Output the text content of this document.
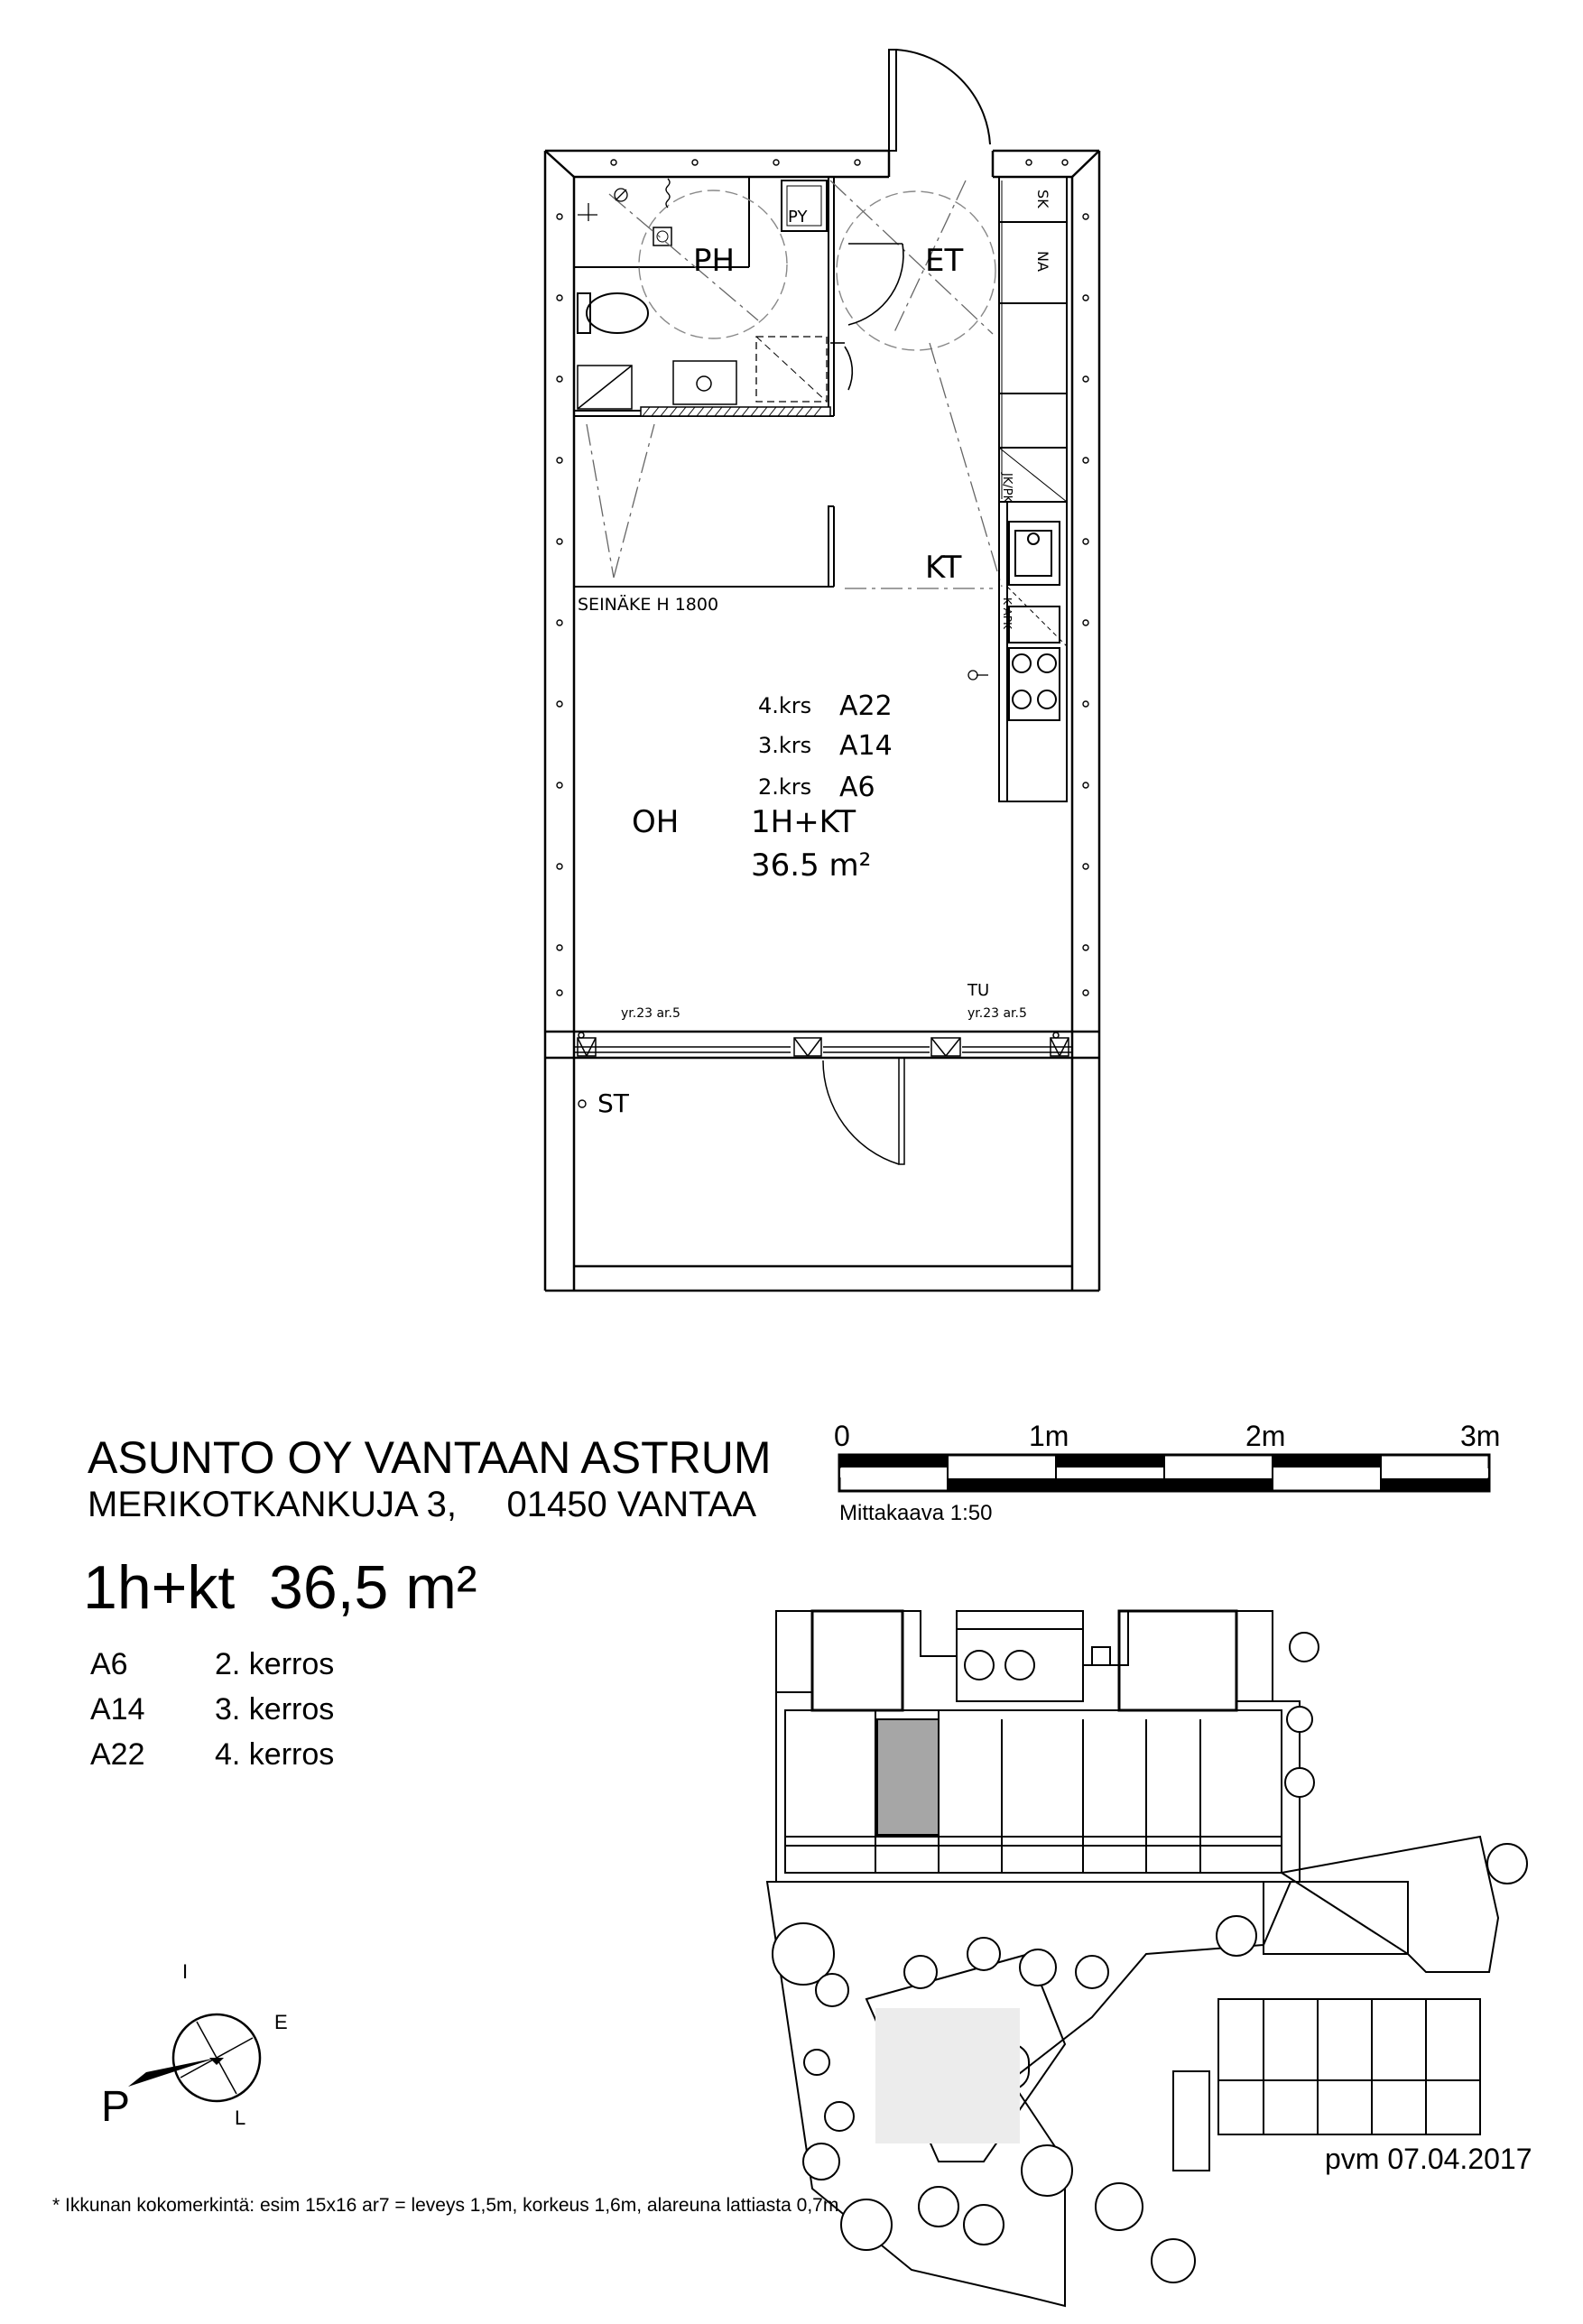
PH	ET
KT
OH
ST
TU
PY
SK
NA
JK/PK
K APK
SEINÄKE H 1800
4.krs A22
3.krs A14
2.krs A6
1H+KT
36.5 m²
yr.23 ar.5	yr.23 ar.5
ASUNTO OY VANTAAN ASTRUM
MERIKOTKANKUJA 3,     01450 VANTAA
1h+kt  36,5 m²
A6	2. kerros
A14 3. kerros
A22 4. kerros
0	1m	2m	3m
Mittakaava 1:50
P
I
E
L
pvm 07.04.2017
* Ikkunan kokomerkintä: esim 15x16 ar7 = leveys 1,5m, korkeus 1,6m, alareuna lattiasta 0,7m
